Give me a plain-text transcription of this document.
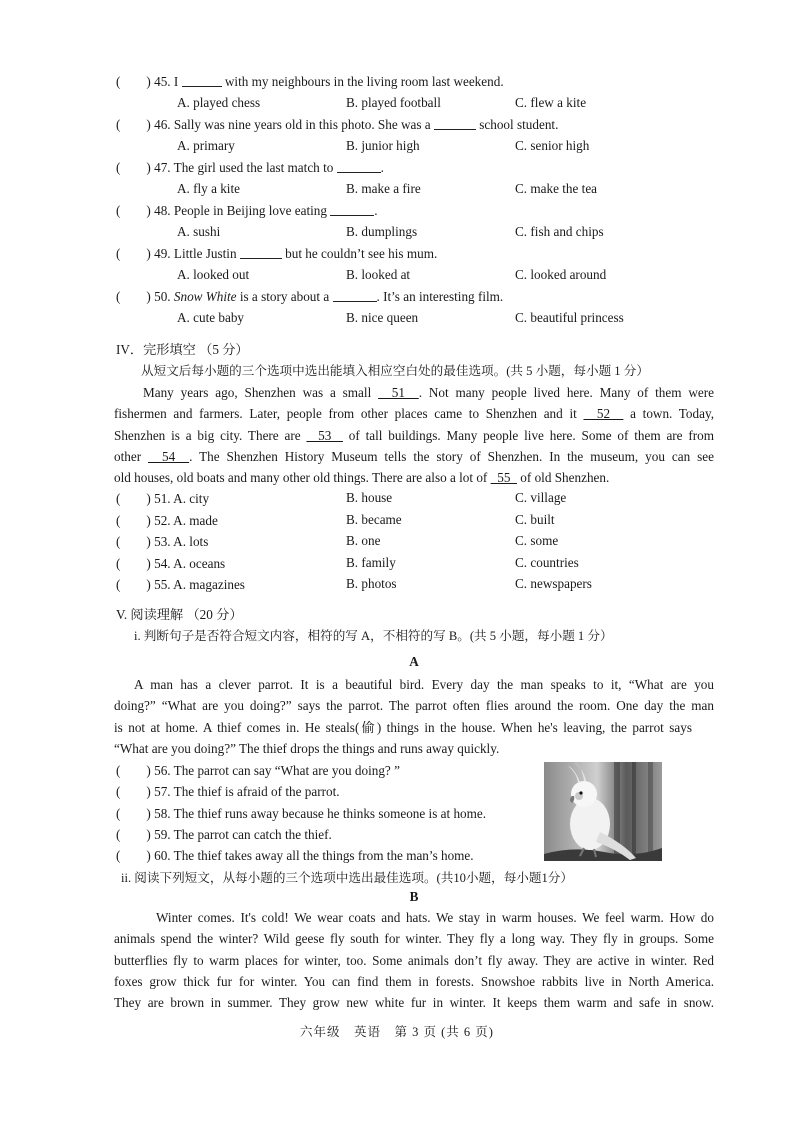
( ) 45. I	with my neighbours in the living room last weekend.
A. played chess	B. played football	C. flew a kite
( ) 46. Sally was nine years old in this photo. She was a	school student.
A. primary	B. junior high	C. senior high
( ) 47. The girl used the last match to	.
A. fly a kite	B. make a fire	C. make the tea
( ) 48. People in Beijing love eating	.
A. sushi	B. dumplings	C. fish and chips
( ) 49. Little Justin	but he couldn’t see his mum.
A. looked out	B. looked at	C. looked around
( ) 50. Snow White is a story about a	. It’s an interesting film.
A. cute baby	B. nice queen	C. beautiful princess
IV．完形填空 （5 分）
从短文后每小题的三个选项中选出能填入相应空白处的最佳选项。(共 5 小题，每小题 1 分）
Many years ago, Shenzhen was a small   51  . Not many people lived here. Many of them were
fishermen and farmers. Later, people from other places came to Shenzhen and it   52   a town. Today,
Shenzhen is a big city. There are   53   of tall buildings. Many people live here. Some of them are from
other   54  . The Shenzhen History Museum tells the story of Shenzhen. In the museum, you can see
old houses, old boats and many other old things. There are also a lot of   55   of old Shenzhen.
( ) 51. A. city	B. house	C. village
( ) 52. A. made	B. became	C. built
( ) 53. A. lots	B. one	C. some
( ) 54. A. oceans	B. family	C. countries
( ) 55. A. magazines	B. photos	C. newspapers
V. 阅读理解 （20 分）
i. 判断句子是否符合短文内容，相符的写 A，不相符的写 B。(共 5 小题，每小题 1 分）
A
A man has a clever parrot. It is a beautiful bird. Every day the man speaks to it, “What are you
doing?” “What are you doing?” says the parrot. The parrot often flies around the room. One day the man
is not at home. A thief comes in. He steals(偷) things in the house. When he's leaving, the parrot says
“What are you doing?” The thief drops the things and runs away quickly.
( ) 56. The parrot can say “What are you doing? ”
( ) 57. The thief is afraid of the parrot.
( ) 58. The thief runs away because he thinks someone is at home.
( ) 59. The parrot can catch the thief.
( ) 60. The thief takes away all the things from the man’s home.
ii. 阅读下列短文，从每小题的三个选项中选出最佳选项。(共10小题，每小题1分）
B
Winter comes. It's cold! We wear coats and hats. We stay in warm houses. We feel warm. How do
animals spend the winter? Wild geese fly south for winter. They fly a long way. They fly in groups. Some
butterflies fly to warm places for winter, too. Some animals don’t fly away. They are active in winter. Red
foxes grow thick fur for winter. You can find them in forests. Snowshoe rabbits live in North America.
They are brown in summer. They grow new white fur in winter. It keeps them warm and safe in snow.
六年级　英语　第 3 页 (共 6 页)
